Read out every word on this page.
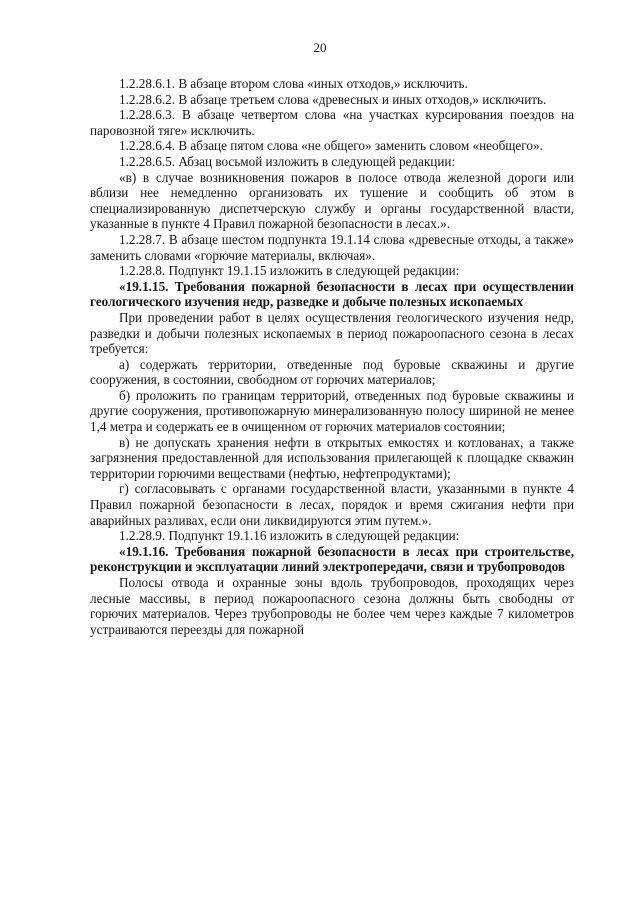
20

1.2.28.6.1. В абзаце втором слова «иных отходов,» исключить.

1.2.28.6.2. В абзаце третьем слова «древесных и иных отходов,» исключить.

1.2.28.6.3. В абзаце четвертом слова «на участках курсирования поездов на паровозной тяге» исключить.

1.2.28.6.4. В абзаце пятом слова «не общего» заменить словом «необщего».

1.2.28.6.5. Абзац восьмой изложить в следующей редакции:

«в) в случае возникновения пожаров в полосе отвода железной дороги или вблизи нее немедленно организовать их тушение и сообщить об этом в специализированную диспетчерскую службу и органы государственной власти, указанные в пункте 4 Правил пожарной безопасности в лесах.».

1.2.28.7. В абзаце шестом подпункта 19.1.14 слова «древесные отходы, а также» заменить словами «горючие материалы, включая».

1.2.28.8. Подпункт 19.1.15 изложить в следующей редакции:

«19.1.15. Требования пожарной безопасности в лесах при осуществлении геологического изучения недр, разведке и добыче полезных ископаемых

При проведении работ в целях осуществления геологического изучения недр, разведки и добычи полезных ископаемых в период пожароопасного сезона в лесах требуется:

а) содержать территории, отведенные под буровые скважины и другие сооружения, в состоянии, свободном от горючих материалов;

б) проложить по границам территорий, отведенных под буровые скважины и другие сооружения, противопожарную минерализованную полосу шириной не менее 1,4 метра и содержать ее в очищенном от горючих материалов состоянии;

в) не допускать хранения нефти в открытых емкостях и котлованах, а также загрязнения предоставленной для использования прилегающей к площадке скважин территории горючими веществами (нефтью, нефтепродуктами);

г) согласовывать с органами государственной власти, указанными в пункте 4 Правил пожарной безопасности в лесах, порядок и время сжигания нефти при аварийных разливах, если они ликвидируются этим путем.».

1.2.28.9. Подпункт 19.1.16 изложить в следующей редакции:

«19.1.16. Требования пожарной безопасности в лесах при строительстве, реконструкции и эксплуатации линий электропередачи, связи и трубопроводов

Полосы отвода и охранные зоны вдоль трубопроводов, проходящих через лесные массивы, в период пожароопасного сезона должны быть свободны от горючих материалов. Через трубопроводы не более чем через каждые 7 километров устраиваются переезды для пожарной
